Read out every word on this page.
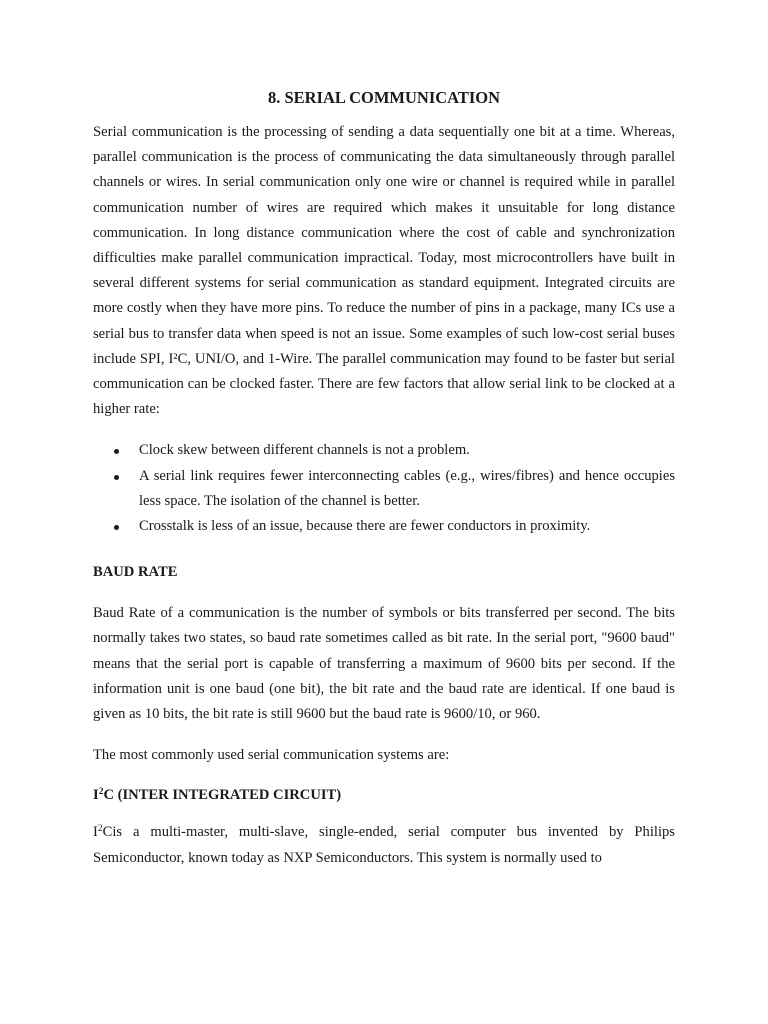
8. SERIAL COMMUNICATION

Serial communication is the processing of sending a data sequentially one bit at a time. Whereas, parallel communication is the process of communicating the data simultaneously through parallel channels or wires. In serial communication only one wire or channel is required while in parallel communication number of wires are required which makes it unsuitable for long distance communication. In long distance communication where the cost of cable and synchronization difficulties make parallel communication impractical. Today, most microcontrollers have built in several different systems for serial communication as standard equipment. Integrated circuits are more costly when they have more pins. To reduce the number of pins in a package, many ICs use a serial bus to transfer data when speed is not an issue. Some examples of such low-cost serial buses include SPI, I²C, UNI/O, and 1-Wire. The parallel communication may found to be faster but serial communication can be clocked faster. There are few factors that allow serial link to be clocked at a higher rate:

Clock skew between different channels is not a problem.
A serial link requires fewer interconnecting cables (e.g., wires/fibres) and hence occupies less space. The isolation of the channel is better.
Crosstalk is less of an issue, because there are fewer conductors in proximity.
BAUD RATE

Baud Rate of a communication is the number of symbols or bits transferred per second. The bits normally takes two states, so baud rate sometimes called as bit rate. In the serial port, "9600 baud" means that the serial port is capable of transferring a maximum of 9600 bits per second. If the information unit is one baud (one bit), the bit rate and the baud rate are identical. If one baud is given as 10 bits, the bit rate is still 9600 but the baud rate is 9600/10, or 960.

The most commonly used serial communication systems are:

$I^2C$ (INTER INTEGRATED CIRCUIT)

$I^2Cis$ a multi-master, multi-slave, single-ended, serial computer bus invented by Philips Semiconductor, known today as NXP Semiconductors. This system is normally used to
